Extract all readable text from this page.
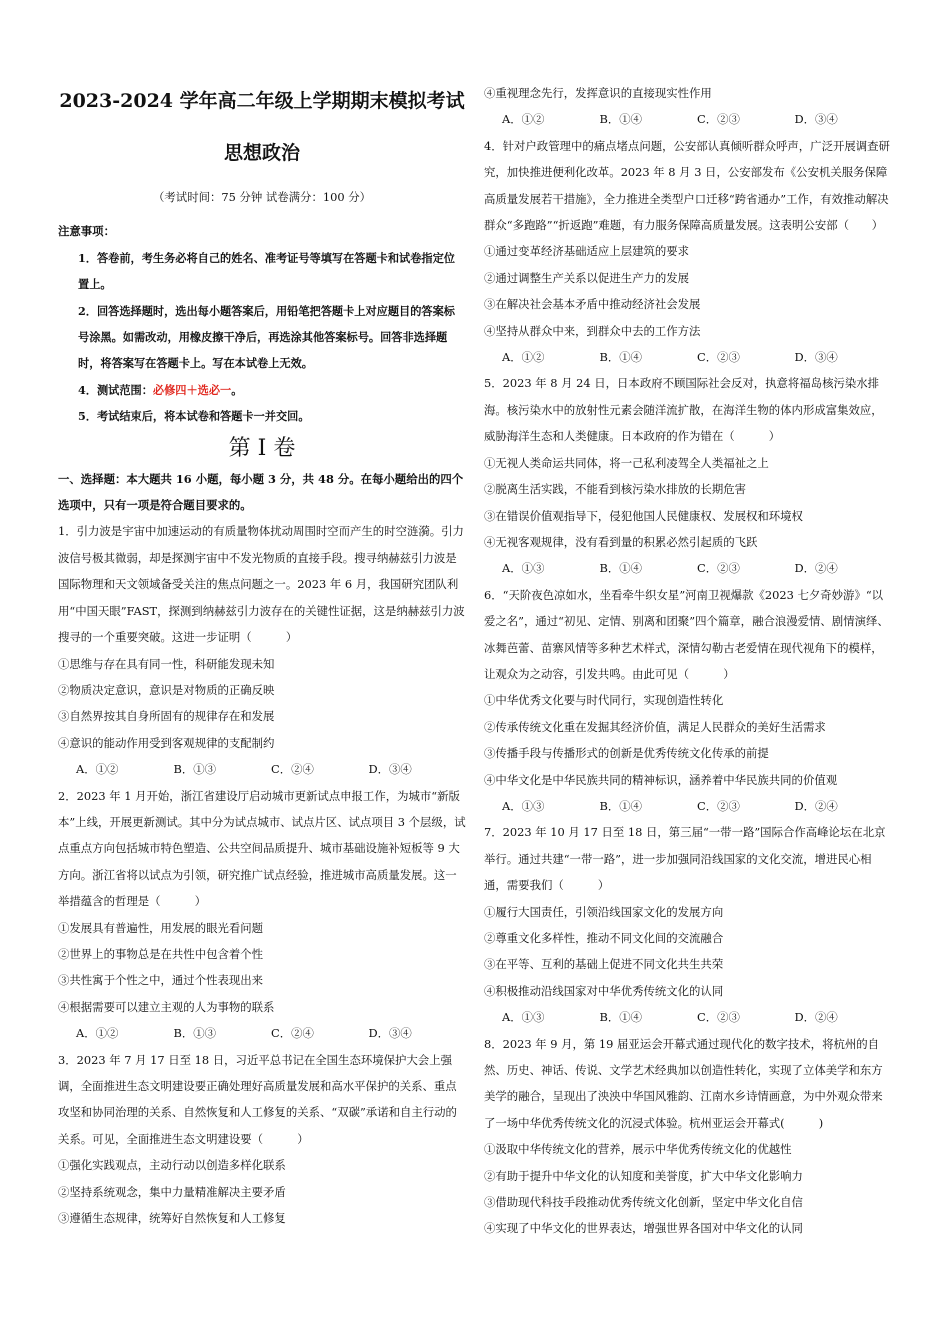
2023-2024 学年高二年级上学期期末模拟考试
思想政治
（考试时间：75 分钟 试卷满分：100 分）
注意事项：

1．答卷前，考生务必将自己的姓名、准考证号等填写在答题卡和试卷指定位置上。

2．回答选择题时，选出每小题答案后，用铅笔把答题卡上对应题目的答案标号涂黑。如需改动，用橡皮擦干净后，再选涂其他答案标号。回答非选择题时，将答案写在答题卡上。写在本试卷上无效。

4．测试范围：必修四＋选必一。

5．考试结束后，将本试卷和答题卡一并交回。

第 I 卷

一、选择题：本大题共 16 小题，每小题 3 分，共 48 分。在每小题给出的四个选项中，只有一项是符合题目要求的。

1．引力波是宇宙中加速运动的有质量物体扰动周围时空而产生的时空涟漪。引力波信号极其微弱，却是探测宇宙中不发光物质的直接手段。搜寻纳赫兹引力波是国际物理和天文领域备受关注的焦点问题之一。2023 年 6 月，我国研究团队利用“中国天眼”FAST，探测到纳赫兹引力波存在的关键性证据，这是纳赫兹引力波搜寻的一个重要突破。这进一步证明（　　　）

①思维与存在具有同一性，科研能发现未知

②物质决定意识，意识是对物质的正确反映

③自然界按其自身所固有的规律存在和发展

④意识的能动作用受到客观规律的支配制约

A．①②	B．①③	C．②④	D．③④

2．2023 年 1 月开始，浙江省建设厅启动城市更新试点申报工作，为城市“新版本”上线，开展更新测试。其中分为试点城市、试点片区、试点项目 3 个层级，试点重点方向包括城市特色塑造、公共空间品质提升、城市基础设施补短板等 9 大方向。浙江省将以试点为引领，研究推广试点经验，推进城市高质量发展。这一举措蕴含的哲理是（　　　）

①发展具有普遍性，用发展的眼光看问题

②世界上的事物总是在共性中包含着个性

③共性寓于个性之中，通过个性表现出来

④根据需要可以建立主观的人为事物的联系

A．①②	B．①③	C．②④	D．③④

3．2023 年 7 月 17 日至 18 日，习近平总书记在全国生态环境保护大会上强调，全面推进生态文明建设要正确处理好高质量发展和高水平保护的关系、重点攻坚和协同治理的关系、自然恢复和人工修复的关系、“双碳”承诺和自主行动的关系。可见，全面推进生态文明建设要（　　　）

①强化实践观点，主动行动以创造多样化联系

②坚持系统观念，集中力量精准解决主要矛盾

③遵循生态规律，统筹好自然恢复和人工修复

④重视理念先行，发挥意识的直接现实性作用

A．①②	B．①④	C．②③	D．③④

4．针对户政管理中的痛点堵点问题，公安部认真倾听群众呼声，广泛开展调查研究，加快推进便利化改革。2023 年 8 月 3 日，公安部发布《公安机关服务保障高质量发展若干措施》，全力推进全类型户口迁移“跨省通办”工作，有效推动解决群众“多跑路”“折返跑”难题，有力服务保障高质量发展。这表明公安部（　　）

①通过变革经济基础适应上层建筑的要求

②通过调整生产关系以促进生产力的发展

③在解决社会基本矛盾中推动经济社会发展

④坚持从群众中来，到群众中去的工作方法

A．①②	B．①④	C．②③	D．③④

5．2023 年 8 月 24 日，日本政府不顾国际社会反对，执意将福岛核污染水排海。核污染水中的放射性元素会随洋流扩散，在海洋生物的体内形成富集效应，威胁海洋生态和人类健康。日本政府的作为错在（　　　）

①无视人类命运共同体，将一己私利凌驾全人类福祉之上

②脱离生活实践，不能看到核污染水排放的长期危害

③在错误价值观指导下，侵犯他国人民健康权、发展权和环境权

④无视客观规律，没有看到量的积累必然引起质的飞跃

A．①③	B．①④	C．②③	D．②④

6．“天阶夜色凉如水，坐看牵牛织女星”河南卫视爆款《2023 七夕奇妙游》“以爱之名”，通过“初见、定情、别离和团聚”四个篇章，融合浪漫爱情、剧情演绎、冰舞芭蕾、苗寨风情等多种艺术样式，深情勾勒古老爱情在现代视角下的模样，让观众为之动容，引发共鸣。由此可见（　　　）

①中华优秀文化要与时代同行，实现创造性转化

②传承传统文化重在发掘其经济价值，满足人民群众的美好生活需求

③传播手段与传播形式的创新是优秀传统文化传承的前提

④中华文化是中华民族共同的精神标识，涵养着中华民族共同的价值观

A．①③	B．①④	C．②③	D．②④

7．2023 年 10 月 17 日至 18 日，第三届“一带一路”国际合作高峰论坛在北京举行。通过共建“一带一路”，进一步加强同沿线国家的文化交流，增进民心相通，需要我们（　　　）

①履行大国责任，引领沿线国家文化的发展方向

②尊重文化多样性，推动不同文化间的交流融合

③在平等、互利的基础上促进不同文化共生共荣

④积极推动沿线国家对中华优秀传统文化的认同

A．①③	B．①④	C．②③	D．②④

8．2023 年 9 月，第 19 届亚运会开幕式通过现代化的数字技术，将杭州的自然、历史、神话、传说、文学艺术经典加以创造性转化，实现了立体美学和东方美学的融合，呈现出了泱泱中华国风雅韵、江南水乡诗情画意，为中外观众带来了一场中华优秀传统文化的沉浸式体验。杭州亚运会开幕式(　　　)

①汲取中华传统文化的营养，展示中华优秀传统文化的优越性

②有助于提升中华文化的认知度和美誉度，扩大中华文化影响力

③借助现代科技手段推动优秀传统文化创新，坚定中华文化自信

④实现了中华文化的世界表达，增强世界各国对中华文化的认同
